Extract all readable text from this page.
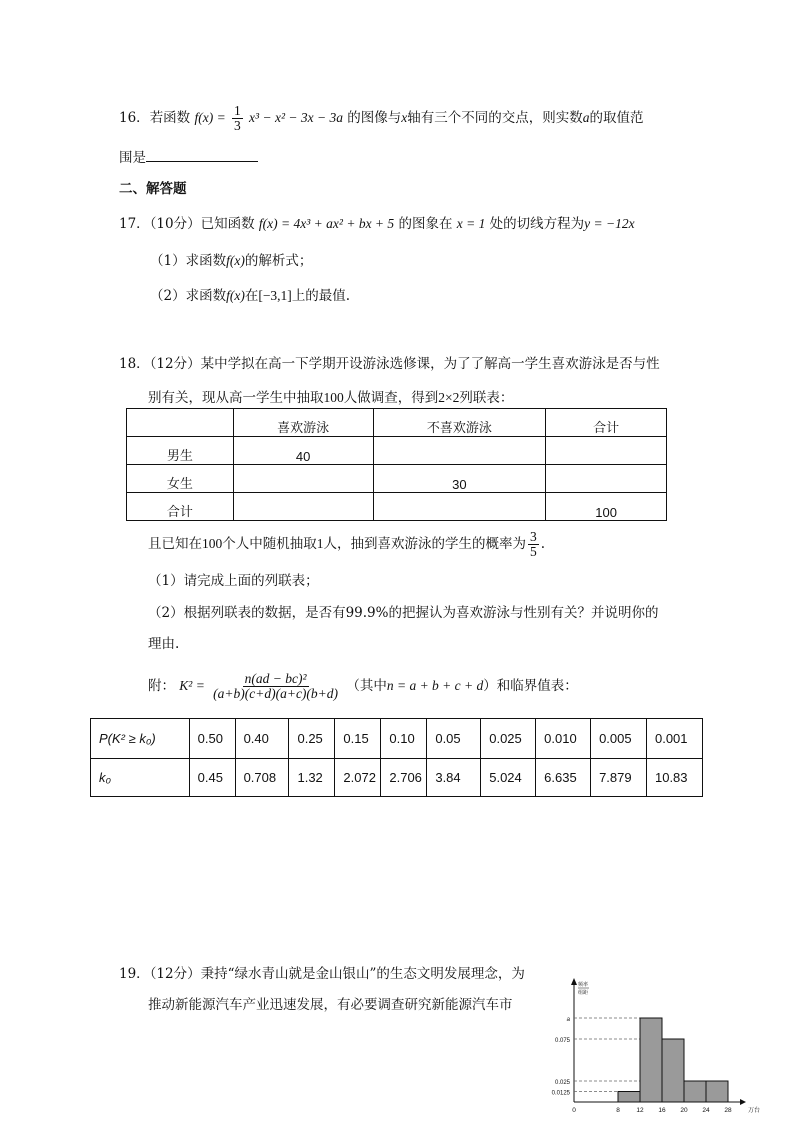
16．若函数 $f(x) = \frac{1}{3} x^3 - x^2 - 3x - 3a$ 的图像与x轴有三个不同的交点，则实数a的取值范
围是
二、解答题
17．（10分）已知函数 f(x) = 4x³ + ax² + bx + 5 的图象在 x = 1 处的切线方程为y = −12x
（1）求函数f(x)的解析式；
（2）求函数f(x)在[−3,1]上的最值.
18．（12分）某中学拟在高一下学期开设游泳选修课，为了了解高一学生喜欢游泳是否与性
别有关，现从高一学生中抽取100人做调查，得到2×2列联表：
	喜欢游泳	不喜欢游泳	合计
男生	40		
女生		30	
合计			100
且已知在100个人中随机抽取1人，抽到喜欢游泳的学生的概率为 $\frac{3}{5}$ .
（1）请完成上面的列联表；
（2）根据列联表的数据，是否有99.9%的把握认为喜欢游泳与性别有关？并说明你的
理由.
附： $K^2 = \frac{\text{n(ad − bc)²}}{(a+b)(c+d)(a+c)(b+d)}$ （其中n = a + b + c + d）和临界值表：
P(K² ≥ k₀)	0.50	0.40	0.25	0.15	0.10	0.05	0.025	0.010	0.005	0.001
k₀	0.45	0.708	1.32	2.072	2.706	3.84	5.024	6.635	7.879	10.83
19．（12分）秉持“绿水青山就是金山银山”的生态文明发展理念，为
推动新能源汽车产业迅速发展，有必要调查研究新能源汽车市
a
0.075
0.025
0.0125
0	8	12 16 20 24 28	万台
频率
组距
